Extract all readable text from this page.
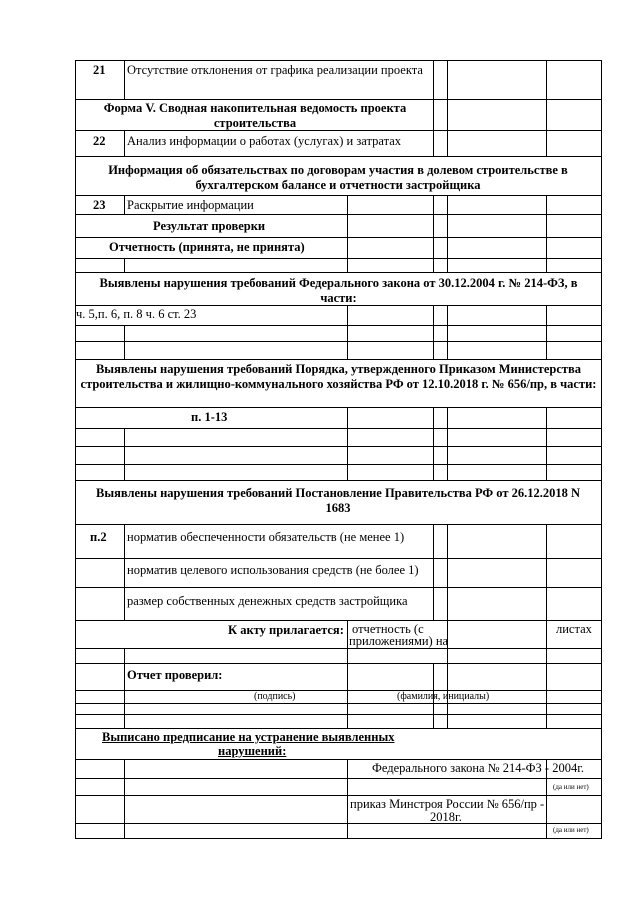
21 Отсутствие отклонения от графика реализации проекта
Форма V. Сводная накопительная ведомость проекта строительства
22 Анализ информации о работах (услугах) и затратах
Информация об обязательствах по договорам участия в долевом строительстве в бухгалтерском балансе и отчетности застройщика
23 Раскрытие информации
Результат проверки
Отчетность (принята, не принята)
Выявлены нарушения требований Федерального закона от 30.12.2004 г. № 214-ФЗ, в части:
ч. 5,п. 6, п. 8 ч. 6 ст. 23
Выявлены нарушения требований Порядка, утвержденного Приказом Министерства строительства и жилищно-коммунального хозяйства РФ от 12.10.2018 г. № 656/пр, в части:
п. 1-13
Выявлены нарушения требований Постановление Правительства РФ от 26.12.2018 N 1683
п.2 норматив обеспеченности обязательств (не менее 1)
норматив целевого использования средств (не более 1)
размер собственных денежных средств застройщика
К акту прилагается: отчетность (с
приложениями) на
листах
Отчет проверил:
(подпись)	(фамилия, инициалы)
Выписано предписание на устранение выявленных
нарушений:
Федерального закона № 214-ФЗ - 2004г.
(да или нет)
приказ Минстроя России № 656/пр -
2018г.
(да или нет)
